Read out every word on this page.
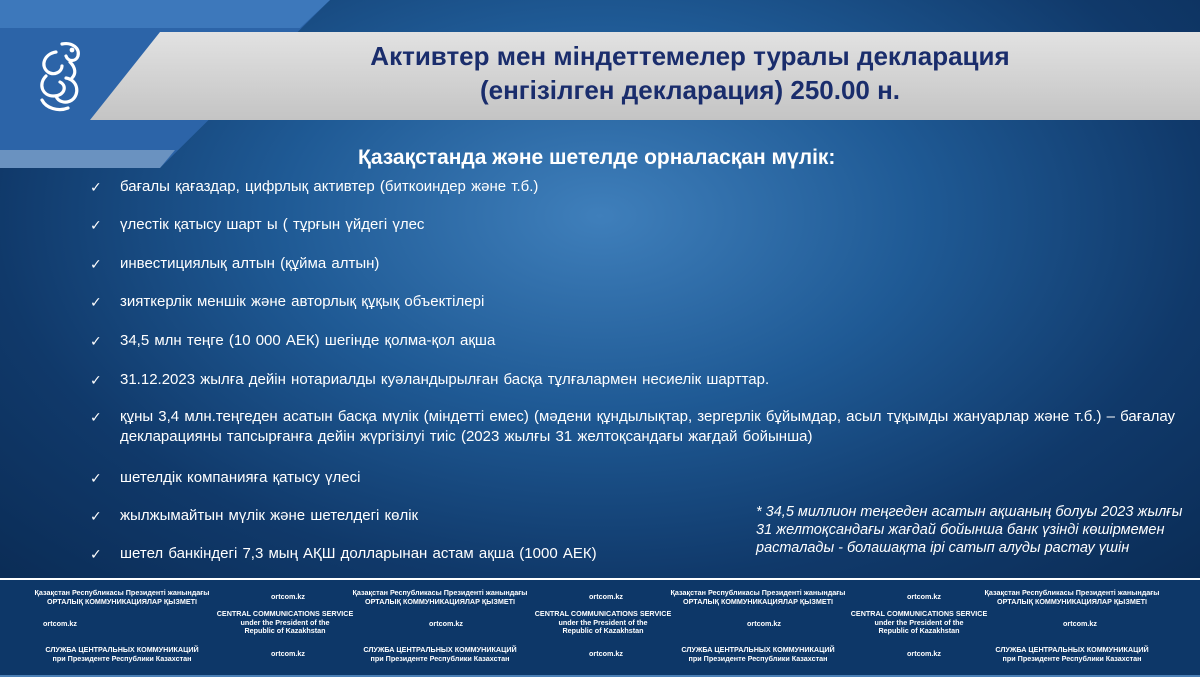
Активтер мен міндеттемелер туралы декларация
(енгізілген декларация) 250.00 н.
Қазақстанда және шетелде орналасқан мүлік:
✓	бағалы қағаздар, цифрлық активтер (биткоиндер және т.б.)
✓	үлестік қатысу шарт ы ( тұрғын үйдегі үлес
✓	инвестициялық алтын (құйма алтын)
✓	зияткерлік меншік және авторлық құқық объектілері
✓	34,5 млн теңге (10 000 АЕК) шегінде қолма-қол ақша
✓	31.12.2023 жылға дейін нотариалды куәландырылған басқа тұлғалармен несиелік шарттар.
✓	құны 3,4 млн.теңгеден асатын басқа мүлік (міндетті емес) (мәдени құндылықтар, зергерлік бұйымдар, асыл тұқымды жануарлар және т.б.) – бағалау декларацияны тапсырғанға дейін жүргізілуі тиіс (2023 жылғы 31 желтоқсандағы жағдай бойынша)
✓	шетелдік компанияға қатысу үлесі
✓	жылжымайтын мүлік және шетелдегі көлік
✓	шетел банкіндегі 7,3 мың АҚШ долларынан астам ақша (1000 АЕК)
* 34,5 миллион теңгеден асатын ақшаның болуы 2023 жылғы 31 желтоқсандағы жағдай бойынша банк үзінді көшірмемен расталады - болашақта ірі сатып алуды растау үшін
Қазақстан Республикасы Президенті жанындағы
ОРТАЛЫҚ КОММУНИКАЦИЯЛАР ҚЫЗМЕТІ	ortcom.kz	Қазақстан Республикасы Президенті жанындағы
ОРТАЛЫҚ КОММУНИКАЦИЯЛАР ҚЫЗМЕТІ	ortcom.kz	Қазақстан Республикасы Президенті жанындағы
ОРТАЛЫҚ КОММУНИКАЦИЯЛАР ҚЫЗМЕТІ	ortcom.kz	Қазақстан Республикасы Президенті жанындағы
ОРТАЛЫҚ КОММУНИКАЦИЯЛАР ҚЫЗМЕТІ
ortcom.kz
CENTRAL COMMUNICATIONS SERVICE
under the President of the
Republic of Kazakhstan
ortcom.kz
CENTRAL COMMUNICATIONS SERVICE
under the President of the
Republic of Kazakhstan
ortcom.kz
CENTRAL COMMUNICATIONS SERVICE
under the President of the
Republic of Kazakhstan
ortcom.kz
СЛУЖБА ЦЕНТРАЛЬНЫХ КОММУНИКАЦИЙ
при Президенте Республики Казахстан	ortcom.kz	СЛУЖБА ЦЕНТРАЛЬНЫХ КОММУНИКАЦИЙ
при Президенте Республики Казахстан	ortcom.kz	СЛУЖБА ЦЕНТРАЛЬНЫХ КОММУНИКАЦИЙ
при Президенте Республики Казахстан	ortcom.kz	СЛУЖБА ЦЕНТРАЛЬНЫХ КОММУНИКАЦИЙ
при Президенте Республики Казахстан
